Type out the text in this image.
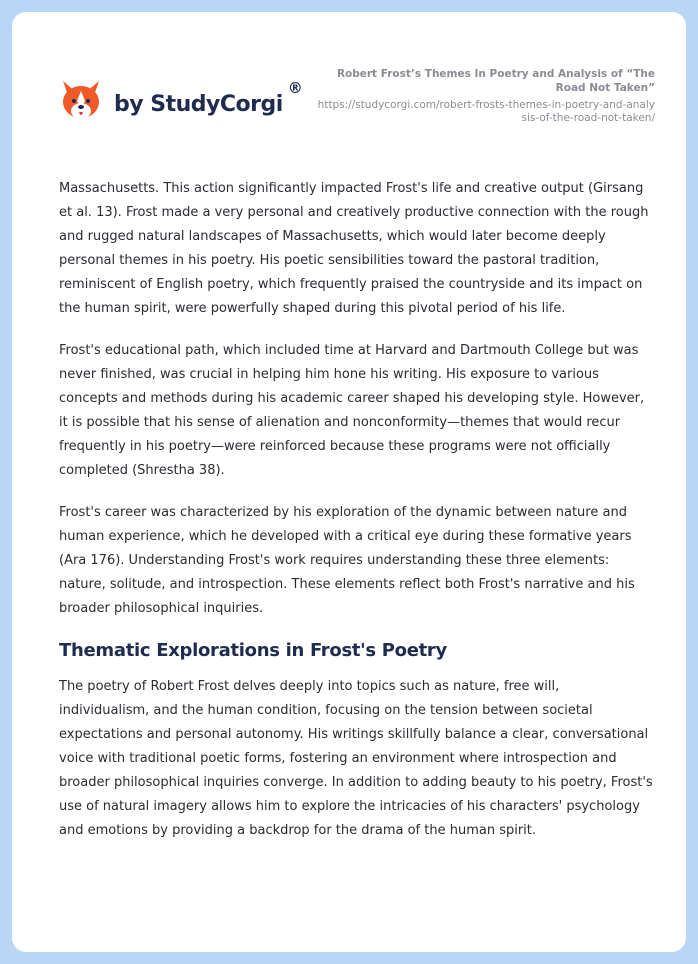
by StudyCorgi
®
Robert Frost’s Themes In Poetry and Analysis of “The Road Not Taken”
https://studycorgi.com/robert-frosts-themes-in-poetry-and-analysis-of-the-road-not-taken/

Massachusetts. This action significantly impacted Frost's life and creative output (Girsang et al. 13). Frost made a very personal and creatively productive connection with the rough and rugged natural landscapes of Massachusetts, which would later become deeply personal themes in his poetry. His poetic sensibilities toward the pastoral tradition, reminiscent of English poetry, which frequently praised the countryside and its impact on the human spirit, were powerfully shaped during this pivotal period of his life.

Frost's educational path, which included time at Harvard and Dartmouth College but was never finished, was crucial in helping him hone his writing. His exposure to various concepts and methods during his academic career shaped his developing style. However, it is possible that his sense of alienation and nonconformity—themes that would recur frequently in his poetry—were reinforced because these programs were not officially completed (Shrestha 38).

Frost's career was characterized by his exploration of the dynamic between nature and human experience, which he developed with a critical eye during these formative years (Ara 176). Understanding Frost's work requires understanding these three elements: nature, solitude, and introspection. These elements reflect both Frost's narrative and his broader philosophical inquiries.

Thematic Explorations in Frost's Poetry

The poetry of Robert Frost delves deeply into topics such as nature, free will, individualism, and the human condition, focusing on the tension between societal expectations and personal autonomy. His writings skillfully balance a clear, conversational voice with traditional poetic forms, fostering an environment where introspection and broader philosophical inquiries converge. In addition to adding beauty to his poetry, Frost's use of natural imagery allows him to explore the intricacies of his characters' psychology and emotions by providing a backdrop for the drama of the human spirit.
